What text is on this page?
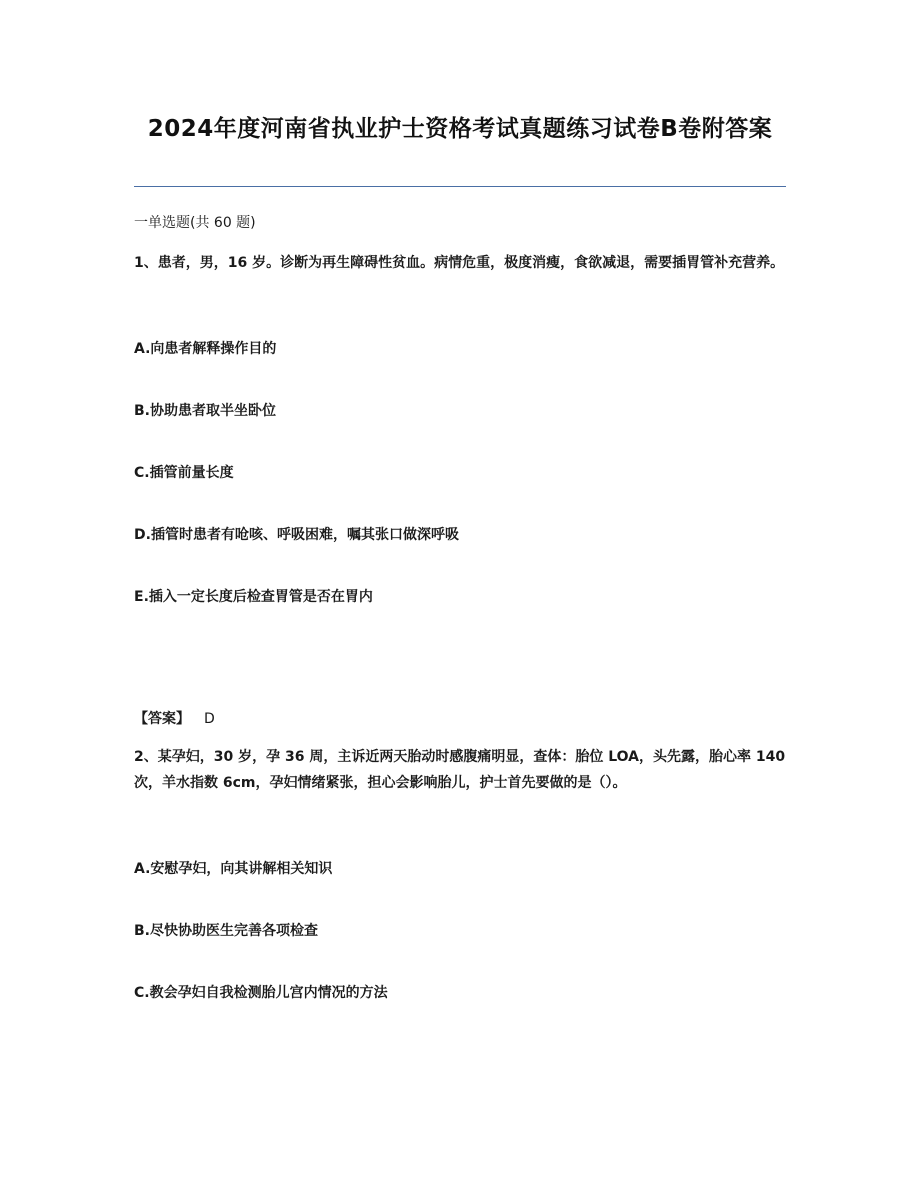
2024年度河南省执业护士资格考试真题练习试卷B卷附答案
一单选题(共 60 题)
1、患者，男，16 岁。诊断为再生障碍性贫血。病情危重，极度消瘦，食欲减退，需要插胃管补充营养。
A.向患者解释操作目的
B.协助患者取半坐卧位
C.插管前量长度
D.插管时患者有呛咳、呼吸困难，嘱其张口做深呼吸
E.插入一定长度后检查胃管是否在胃内
【答案】 D
2、某孕妇，30 岁，孕 36 周，主诉近两天胎动时感腹痛明显，查体：胎位 LOA，头先露，胎心率 140 次，羊水指数 6cm，孕妇情绪紧张，担心会影响胎儿，护士首先要做的是（）。
A.安慰孕妇，向其讲解相关知识
B.尽快协助医生完善各项检查
C.教会孕妇自我检测胎儿宫内情况的方法
